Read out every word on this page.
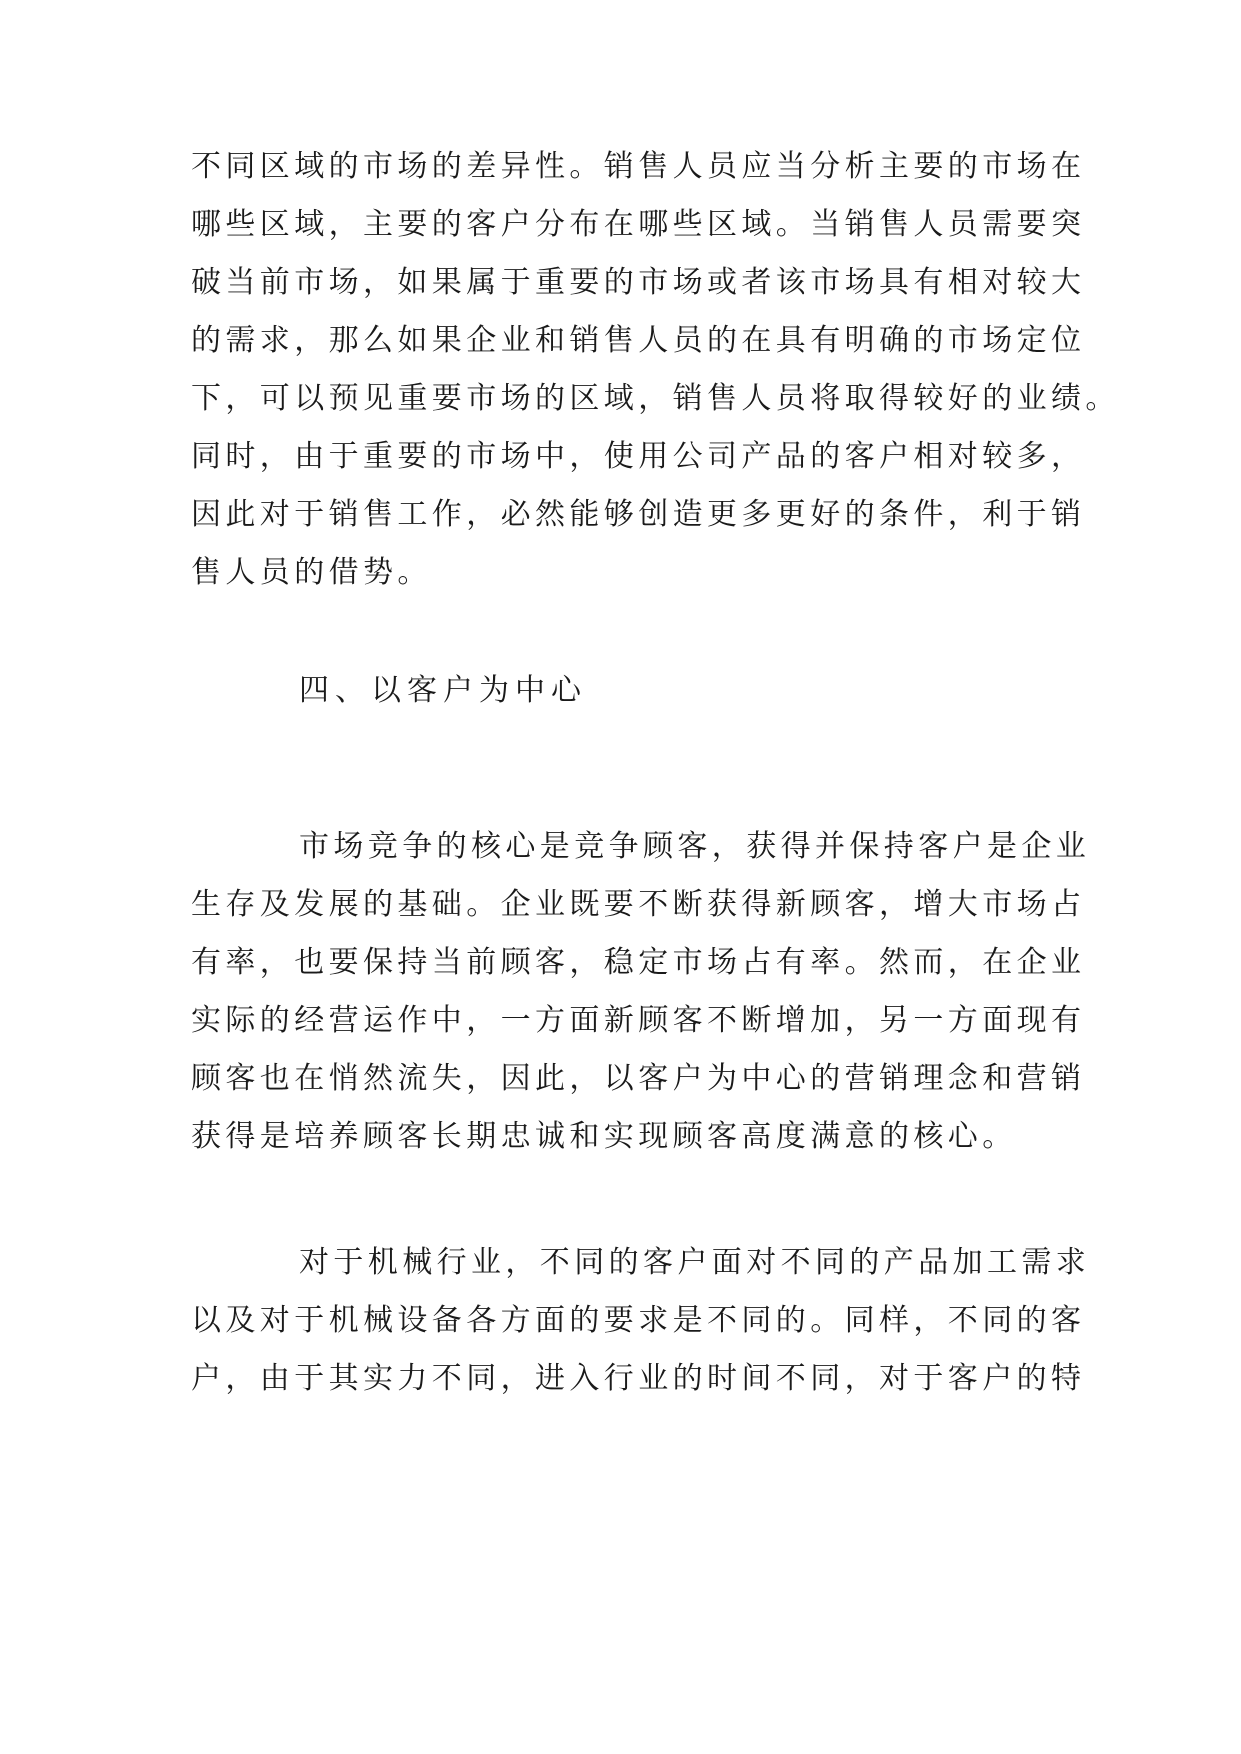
不同区域的市场的差异性。销售人员应当分析主要的市场在
哪些区域，主要的客户分布在哪些区域。当销售人员需要突
破当前市场，如果属于重要的市场或者该市场具有相对较大
的需求，那么如果企业和销售人员的在具有明确的市场定位
下，可以预见重要市场的区域，销售人员将取得较好的业绩。
同时，由于重要的市场中，使用公司产品的客户相对较多，
因此对于销售工作，必然能够创造更多更好的条件，利于销
售人员的借势。
四、以客户为中心
市场竞争的核心是竞争顾客，获得并保持客户是企业
生存及发展的基础。企业既要不断获得新顾客，增大市场占
有率，也要保持当前顾客，稳定市场占有率。然而，在企业
实际的经营运作中，一方面新顾客不断增加，另一方面现有
顾客也在悄然流失，因此，以客户为中心的营销理念和营销
获得是培养顾客长期忠诚和实现顾客高度满意的核心。
对于机械行业，不同的客户面对不同的产品加工需求
以及对于机械设备各方面的要求是不同的。同样，不同的客
户，由于其实力不同，进入行业的时间不同，对于客户的特
